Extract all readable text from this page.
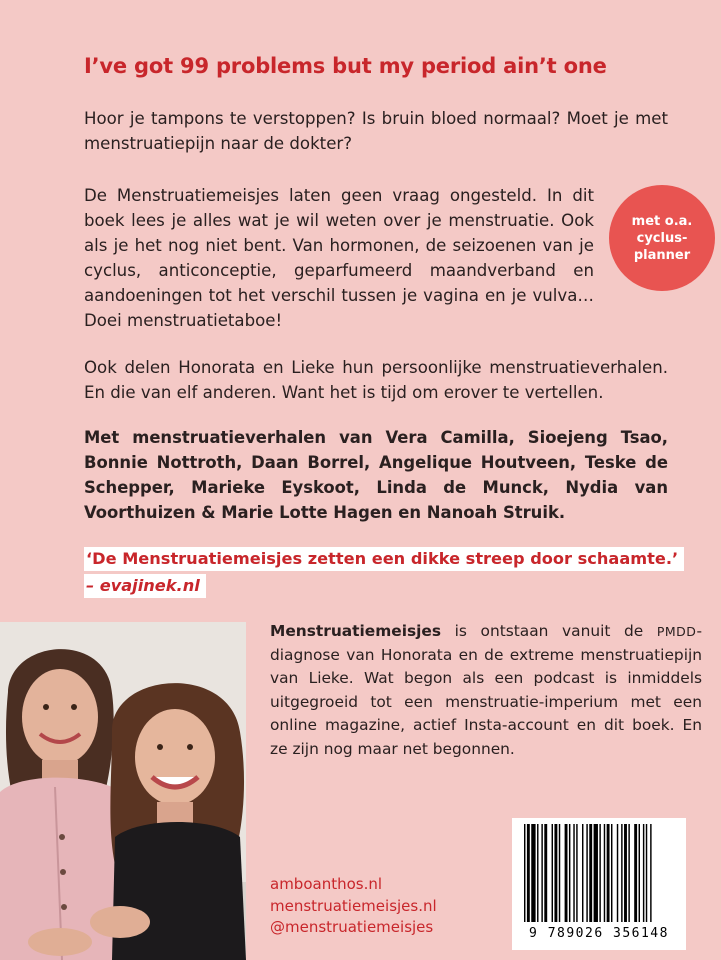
I’ve got 99 problems but my period ain’t one
Hoor je tampons te verstoppen? Is bruin bloed normaal? Moet je met menstruatiepijn naar de dokter?
De Menstruatiemeisjes laten geen vraag ongesteld. In dit boek lees je alles wat je wil weten over je menstruatie. Ook als je het nog niet bent. Van hormonen, de seizoenen van je cyclus, anticonceptie, geparfumeerd maandverband en aandoeningen tot het verschil tussen je vagina en je vulva… Doei menstruatietaboe!
met o.a. cyclus-planner
Ook delen Honorata en Lieke hun persoonlijke menstruatieverhalen. En die van elf anderen. Want het is tijd om erover te vertellen.
Met menstruatieverhalen van Vera Camilla, Sioejeng Tsao, Bonnie Nottroth, Daan Borrel, Angelique Houtveen, Teske de Schepper, Marieke Eyskoot, Linda de Munck, Nydia van Voorthuizen & Marie Lotte Hagen en Nanoah Struik.
‘De Menstruatiemeisjes zetten een dikke streep door schaamte.’
– evajinek.nl
Menstruatiemeisjes is ontstaan vanuit de PMDD-diagnose van Honorata en de extreme menstruatiepijn van Lieke. Wat begon als een podcast is inmiddels uitgegroeid tot een menstruatie-imperium met een online magazine, actief Insta-account en dit boek. En ze zijn nog maar net begonnen.
amboanthos.nl
menstruatiemeisjes.nl
@menstruatiemeisjes	9 789026 356148
